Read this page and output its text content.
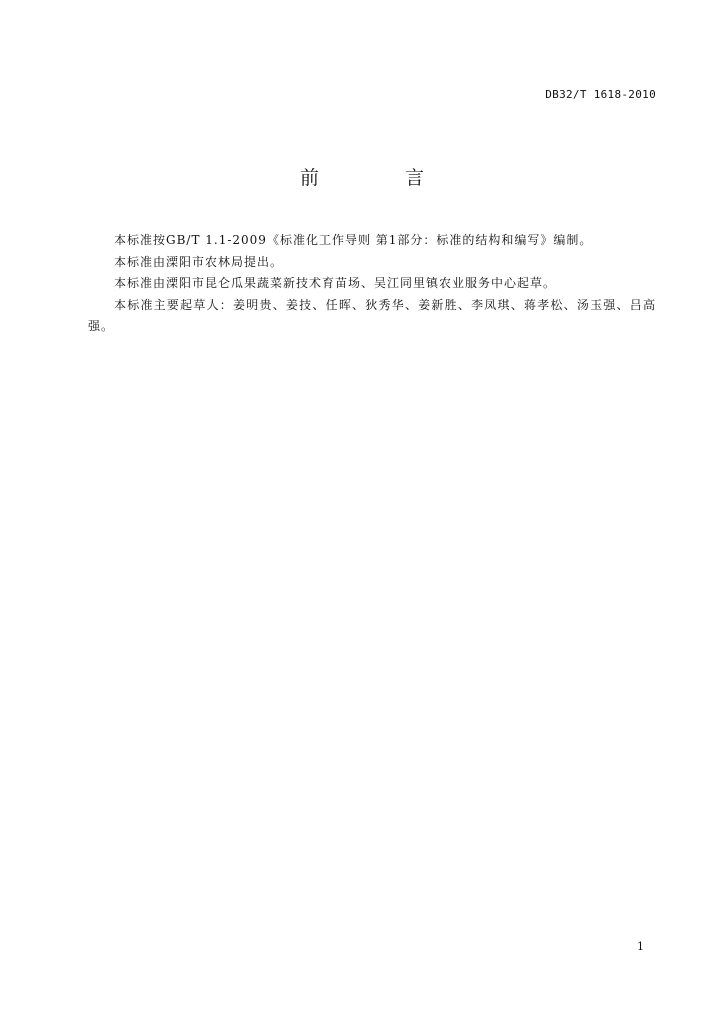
DB32/T 1618-2010
前 言

本标准按GB/T 1.1-2009《标准化工作导则 第1部分：标准的结构和编写》编制。

本标准由溧阳市农林局提出。

本标准由溧阳市昆仑瓜果蔬菜新技术育苗场、吴江同里镇农业服务中心起草。

本标准主要起草人：姜明贵、姜技、任晖、狄秀华、姜新胜、李凤琪、蒋孝松、汤玉强、吕高强。

1
